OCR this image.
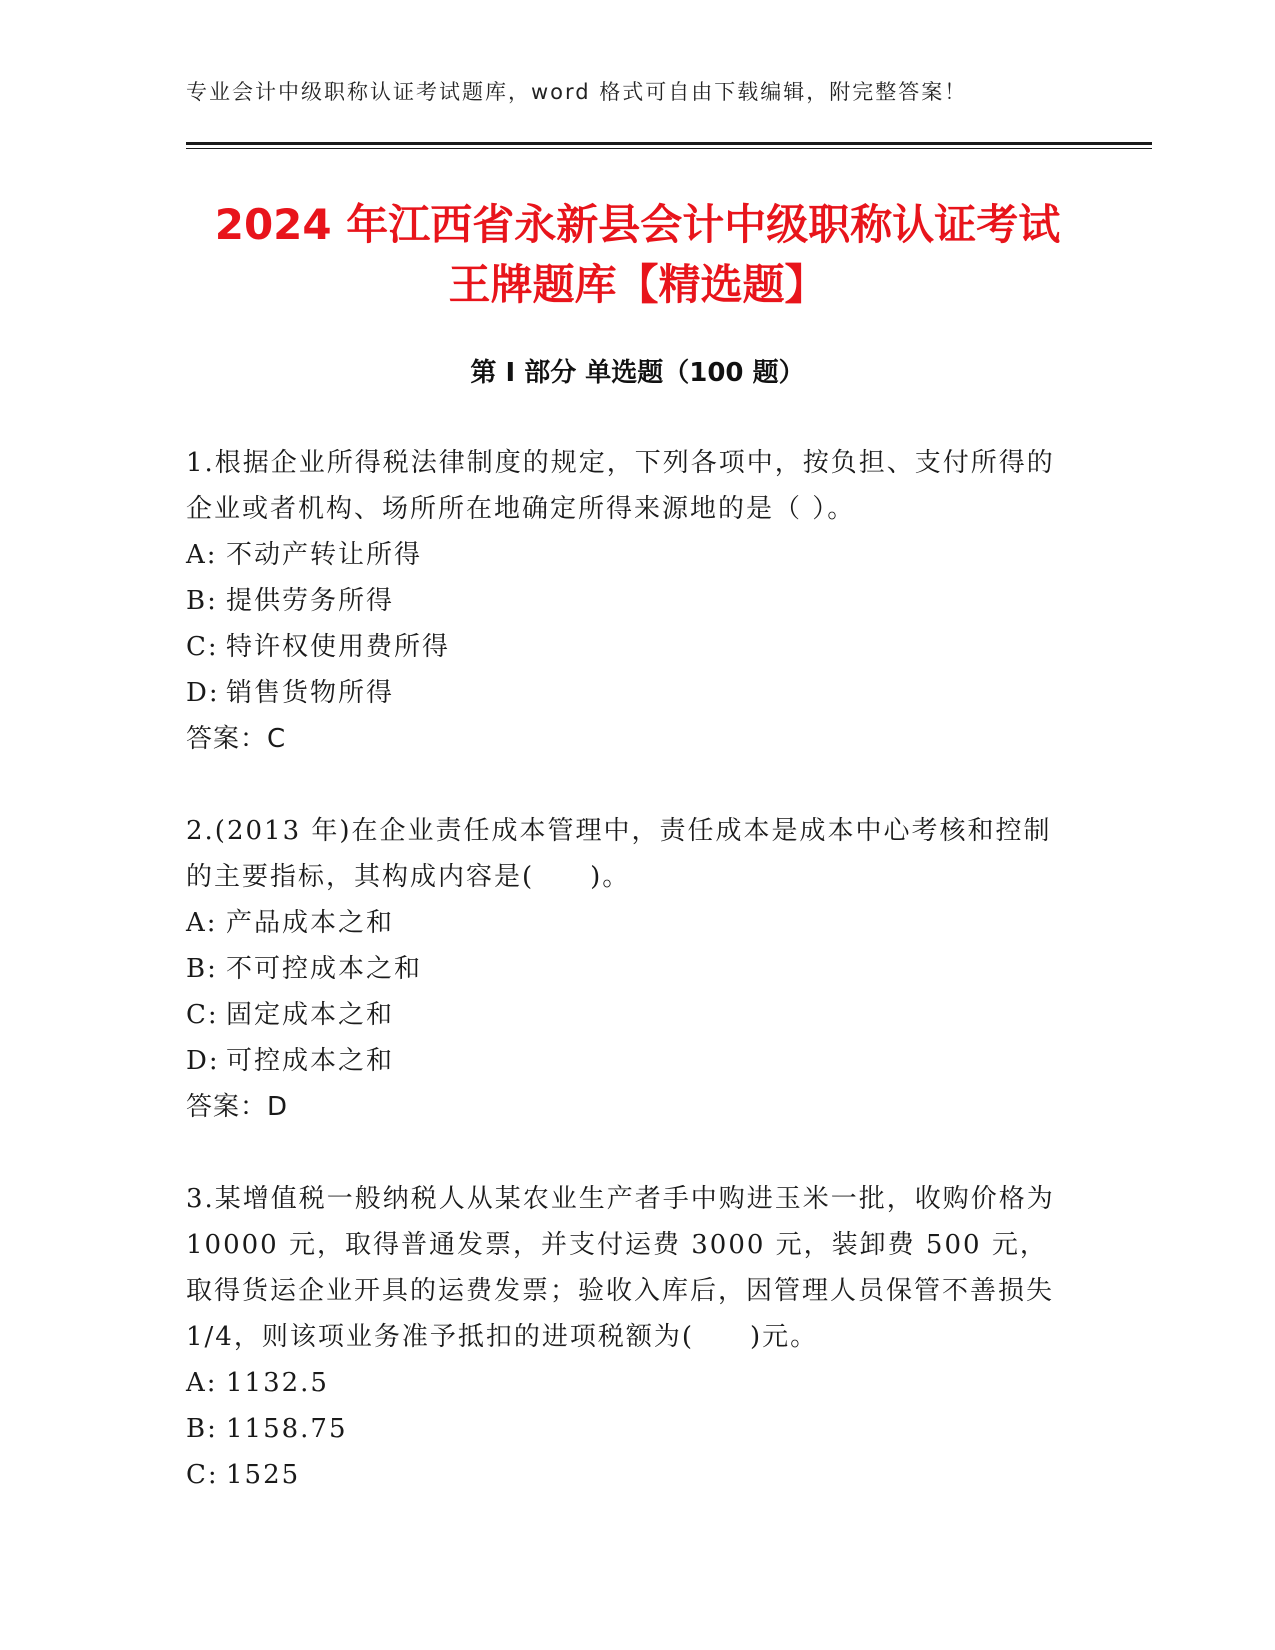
专业会计中级职称认证考试题库，word 格式可自由下载编辑，附完整答案！
2024 年江西省永新县会计中级职称认证考试
王牌题库【精选题】
第 I 部分 单选题（100 题）

1.根据企业所得税法律制度的规定，下列各项中，按负担、支付所得的企业或者机构、场所所在地确定所得来源地的是（ ）。

A: 不动产转让所得

B: 提供劳务所得

C: 特许权使用费所得

D: 销售货物所得

答案：C

2.(2013 年)在企业责任成本管理中，责任成本是成本中心考核和控制的主要指标，其构成内容是(　　)。

A: 产品成本之和

B: 不可控成本之和

C: 固定成本之和

D: 可控成本之和

答案：D

3.某增值税一般纳税人从某农业生产者手中购进玉米一批，收购价格为 10000 元，取得普通发票，并支付运费 3000 元，装卸费 500 元，取得货运企业开具的运费发票；验收入库后，因管理人员保管不善损失 1/4，则该项业务准予抵扣的进项税额为(　　)元。

A: 1132.5

B: 1158.75

C: 1525
